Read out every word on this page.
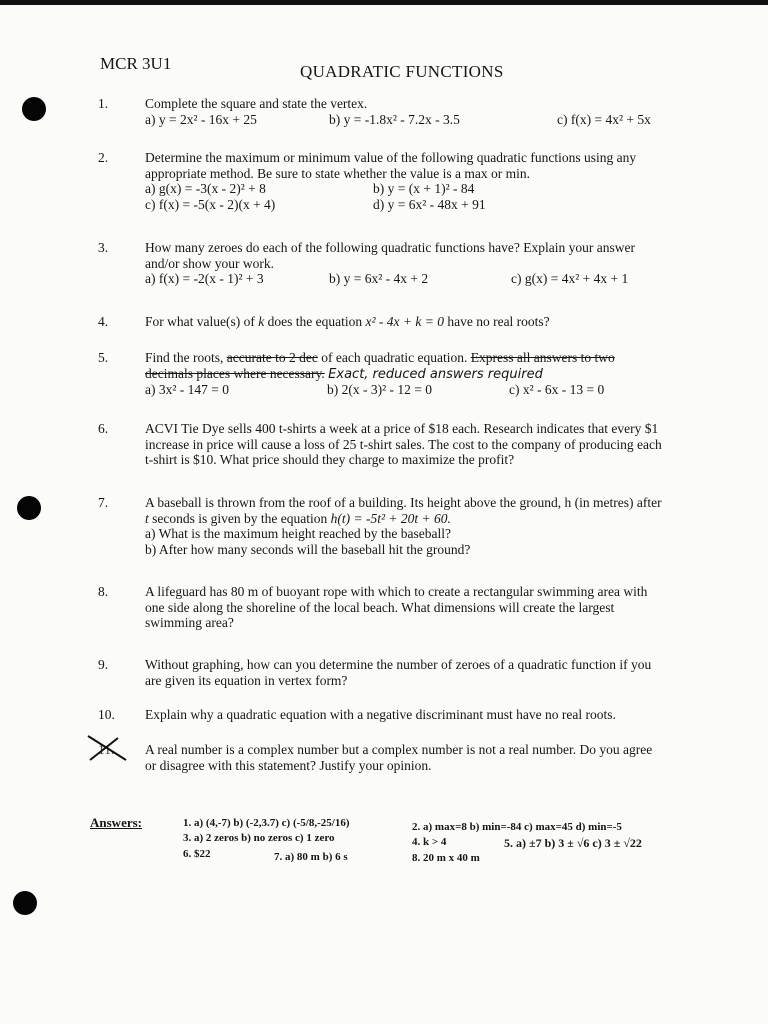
MCR 3U1	QUADRATIC FUNCTIONS
1.	Complete the square and state the vertex.
a) y = 2x² - 16x + 25	b) y = -1.8x² - 7.2x - 3.5	c) f(x) = 4x² + 5x
2.	Determine the maximum or minimum value of the following quadratic functions using any
appropriate method. Be sure to state whether the value is a max or min.
a) g(x) = -3(x - 2)² + 8	b) y = (x + 1)² - 84
c) f(x) = -5(x - 2)(x + 4)	d) y = 6x² - 48x + 91
3.	How many zeroes do each of the following quadratic functions have? Explain your answer
and/or show your work.
a) f(x) = -2(x - 1)² + 3	b) y = 6x² - 4x + 2	c) g(x) = 4x² + 4x + 1
4.	For what value(s) of k does the equation x² - 4x + k = 0 have no real roots?
5.	Find the roots, accurate to 2 dec of each quadratic equation. Express all answers to two
decimals places where necessary. Exact, reduced answers required
a) 3x² - 147 = 0	b) 2(x - 3)² - 12 = 0	c) x² - 6x - 13 = 0
6.	ACVI Tie Dye sells 400 t-shirts a week at a price of $18 each. Research indicates that every $1
increase in price will cause a loss of 25 t-shirt sales. The cost to the company of producing each
t-shirt is $10. What price should they charge to maximize the profit?
7.	A baseball is thrown from the roof of a building. Its height above the ground, h (in metres) after
t seconds is given by the equation h(t) = -5t² + 20t + 60.
a) What is the maximum height reached by the baseball?
b) After how many seconds will the baseball hit the ground?
8.	A lifeguard has 80 m of buoyant rope with which to create a rectangular swimming area with
one side along the shoreline of the local beach. What dimensions will create the largest
swimming area?
9.	Without graphing, how can you determine the number of zeroes of a quadratic function if you
are given its equation in vertex form?
10. Explain why a quadratic equation with a negative discriminant must have no real roots.
11. A real number is a complex number but a complex number is not a real number. Do you agree
or disagree with this statement? Justify your opinion.
Answers:	1. a) (4,-7) b) (-2,3.7) c) (-5/8,-25/16)	2. a) max=8 b) min=-84 c) max=45 d) min=-5
3. a) 2 zeros b) no zeros c) 1 zero	4. k > 4	5. a) ±7 b) 3 ± √6 c) 3 ± √22
6. $22	7. a) 80 m b) 6 s	8. 20 m x 40 m
